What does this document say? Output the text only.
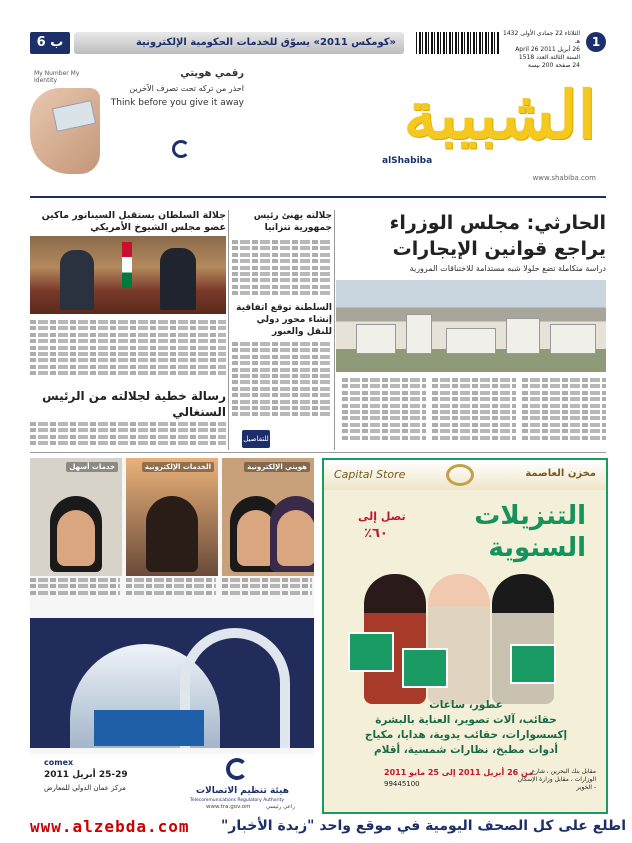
1
الثلاثاء 22 جمادى الأولى 1432 هـ
26 أبريل 2011 April 26
السنة الثالثة العدد 1518
24 صفحة 200 بيسة
«كومكس 2011» يسوّق للخدمات الحكومية الإلكترونية
ب 6
My Number My Identity
رقمي هويتي
احذر من تركه تحت تصرف الآخرين
Think before you give it away الشبيبة
alShabiba
www.shabiba.com
الحارثي: مجلس الوزراء
يراجع قوانين الإيجارات
دراسة متكاملة تضع حلولا شبه مستدامة للاختناقات المرورية
جلالته يهنئ رئيس جمهورية تنزانيا
السلطنة توقع اتفاقية إنشاء محور دولي للنقل والعبور
للتفاصيل
جلالة السلطان يستقبل السيناتور ماكين عضو مجلس الشيوخ الأمريكي
رسالة خطية لجلالته من الرئيس السنغالي
خدمات أسهل	الخدمات الإلكترونية	هويتي الإلكترونية
comex
25-29 أبريل 2011
مركز عمان الدولي للمعارض	هيئة تنظيم الاتصالات
Telecommunications Regulatory Authority
www.tra.gov.om	راعي رئيسي
Capital Store	مخزن العاصمة
التنزيلات
السنوية
تصل إلى
٦٠٪
عطور، ساعات
حقائب، آلات تصوير، العناية بالبشرة
إكسسوارات، حقائب يدوية، هدايا، مكياج
أدوات مطبخ، نظارات شمسية، أقلام
من 26 أبريل 2011 إلى 25 مايو 2011
99445100
مقابل بنك البحرين ، شارع الوزارات ، مقابل وزارة الإسكان - الخوير
www.alzebda.com اطلع على كل الصحف اليومية في موقع واحد "زبدة الأخبار"
